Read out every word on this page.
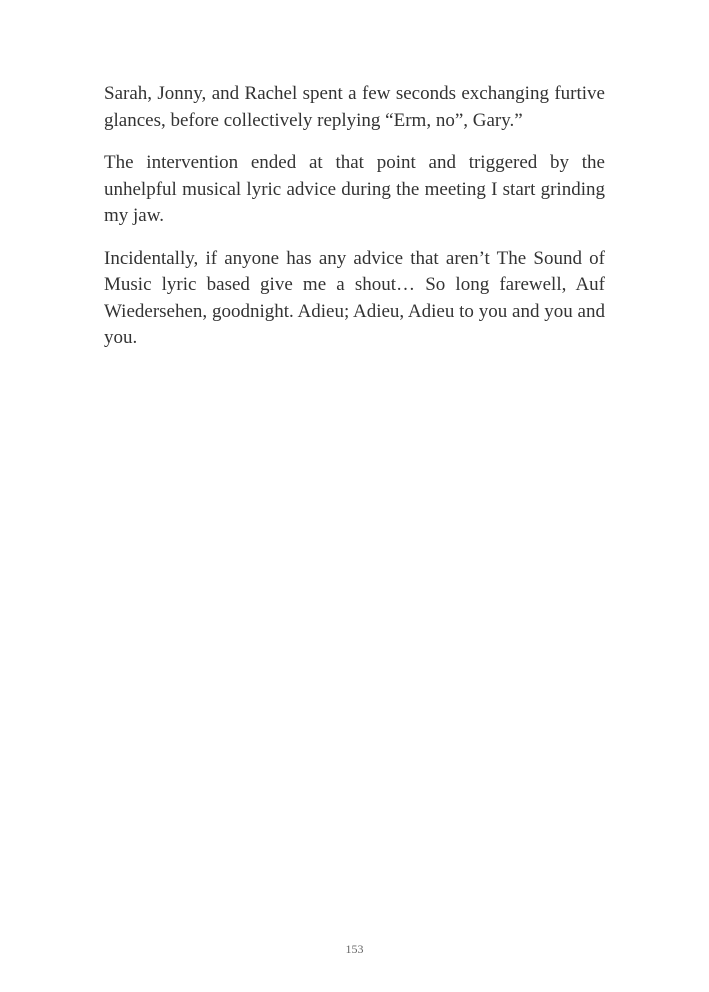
Sarah, Jonny, and Rachel spent a few seconds exchanging furtive glances, before collectively replying “Erm, no”, Gary.”

The intervention ended at that point and triggered by the unhelpful musical lyric advice during the meeting I start grinding my jaw.

Incidentally, if anyone has any advice that aren’t The Sound of Music lyric based give me a shout… So long farewell, Auf Wiedersehen, goodnight. Adieu; Adieu, Adieu to you and you and you.

153
